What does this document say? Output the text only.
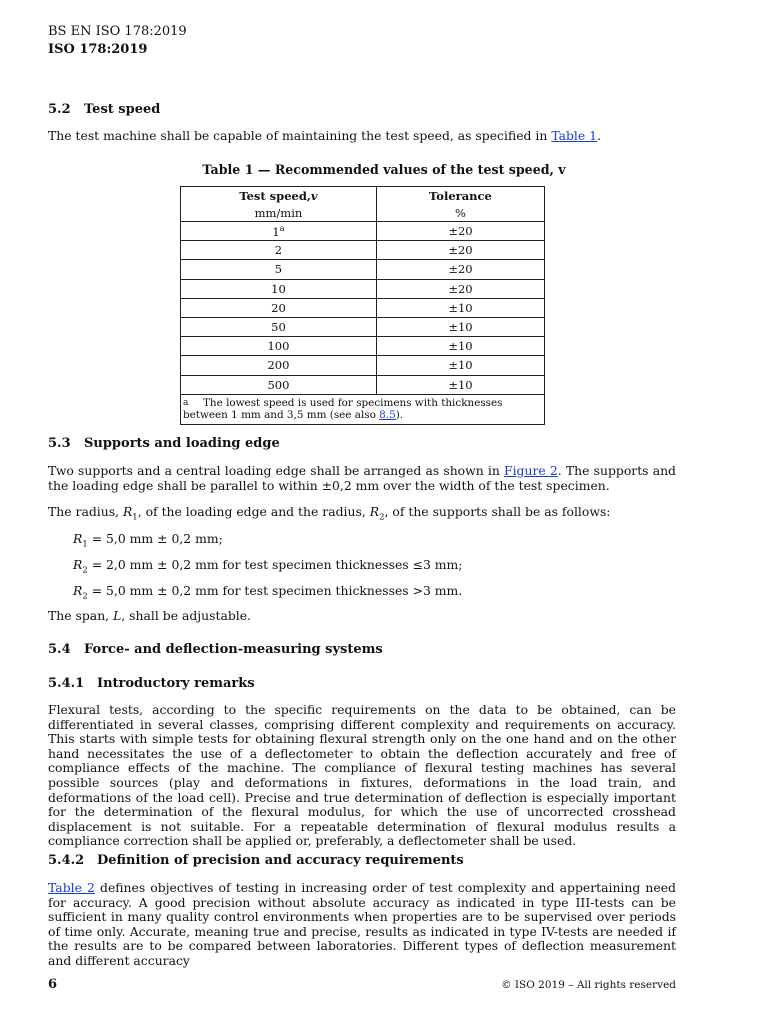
BS EN ISO 178:2019
ISO 178:2019
5.2 Test speed
The test machine shall be capable of maintaining the test speed, as specified in Table 1.
Table 1 — Recommended values of the test speed, v
Test speed,v	Tolerance
mm/min	%
$1^a$	±20
2	±20
5	±20
10	±20
20	±10
50	±10
100	±10
200	±10
500	±10
a The lowest speed is used for specimens with thicknesses between 1 mm and 3,5 mm (see also 8.5).	
5.3 Supports and loading edge
Two supports and a central loading edge shall be arranged as shown in Figure 2. The supports and the loading edge shall be parallel to within ±0,2 mm over the width of the test specimen.
The radius, $R_1$, of the loading edge and the radius, $R_2$, of the supports shall be as follows:
$R_1 = 5,0$ mm ± 0,2 mm;
$R_2 = 2,0$ mm ± 0,2 mm for test specimen thicknesses ≤3 mm;
$R_2 = 5,0$ mm ± 0,2 mm for test specimen thicknesses >3 mm.
The span, L, shall be adjustable.
5.4 Force- and deflection-measuring systems
5.4.1 Introductory remarks
Flexural tests, according to the specific requirements on the data to be obtained, can be differentiated in several classes, comprising different complexity and requirements on accuracy. This starts with simple tests for obtaining flexural strength only on the one hand and on the other hand necessitates the use of a deflectometer to obtain the deflection accurately and free of compliance effects of the machine. The compliance of flexural testing machines has several possible sources (play and deformations in fixtures, deformations in the load train, and deformations of the load cell). Precise and true determination of deflection is especially important for the determination of the flexural modulus, for which the use of uncorrected crosshead displacement is not suitable. For a repeatable determination of flexural modulus results a compliance correction shall be applied or, preferably, a deflectometer shall be used.
5.4.2 Definition of precision and accuracy requirements
Table 2 defines objectives of testing in increasing order of test complexity and appertaining need for accuracy. A good precision without absolute accuracy as indicated in type III-tests can be sufficient in many quality control environments when properties are to be supervised over periods of time only. Accurate, meaning true and precise, results as indicated in type IV-tests are needed if the results are to be compared between laboratories. Different types of deflection measurement and different accuracy
6	© ISO 2019 – All rights reserved
